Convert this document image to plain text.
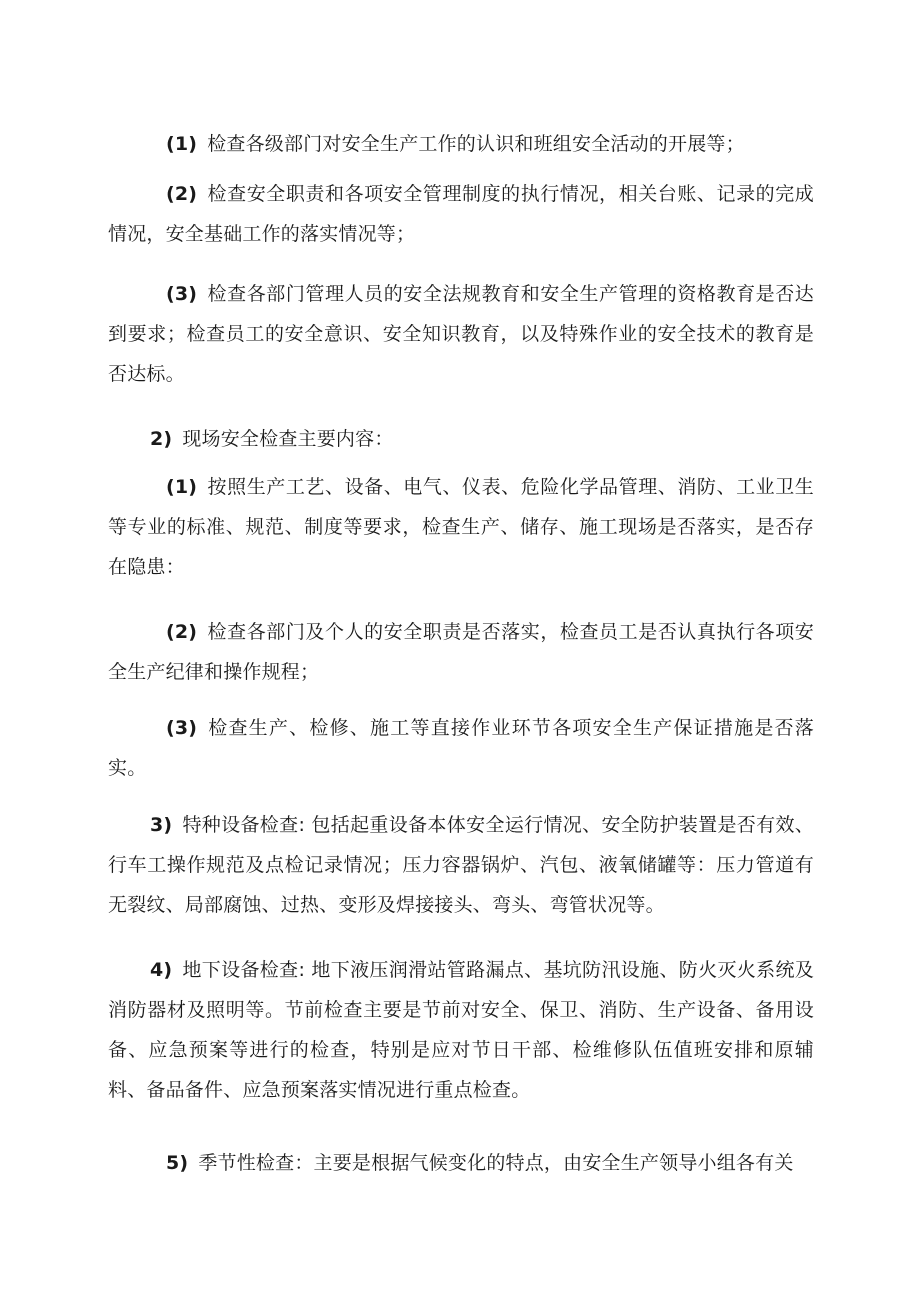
(1) 检查各级部门对安全生产工作的认识和班组安全活动的开展等；

(2) 检查安全职责和各项安全管理制度的执行情况，相关台账、记录的完成情况，安全基础工作的落实情况等；

(3) 检查各部门管理人员的安全法规教育和安全生产管理的资格教育是否达到要求；检查员工的安全意识、安全知识教育，以及特殊作业的安全技术的教育是否达标。

2) 现场安全检查主要内容：

(1) 按照生产工艺、设备、电气、仪表、危险化学品管理、消防、工业卫生等专业的标准、规范、制度等要求，检查生产、储存、施工现场是否落实，是否存在隐患：

(2) 检查各部门及个人的安全职责是否落实，检查员工是否认真执行各项安全生产纪律和操作规程；

(3) 检查生产、检修、施工等直接作业环节各项安全生产保证措施是否落实。

3) 特种设备检查: 包括起重设备本体安全运行情况、安全防护装置是否有效、行车工操作规范及点检记录情况；压力容器锅炉、汽包、液氧储罐等：压力管道有无裂纹、局部腐蚀、过热、变形及焊接接头、弯头、弯管状况等。

4) 地下设备检查: 地下液压润滑站管路漏点、基坑防汛设施、防火灭火系统及消防器材及照明等。节前检查主要是节前对安全、保卫、消防、生产设备、备用设备、应急预案等进行的检查，特别是应对节日干部、检维修队伍值班安排和原辅料、备品备件、应急预案落实情况进行重点检查。

5) 季节性检查：主要是根据气候变化的特点，由安全生产领导小组各有关
